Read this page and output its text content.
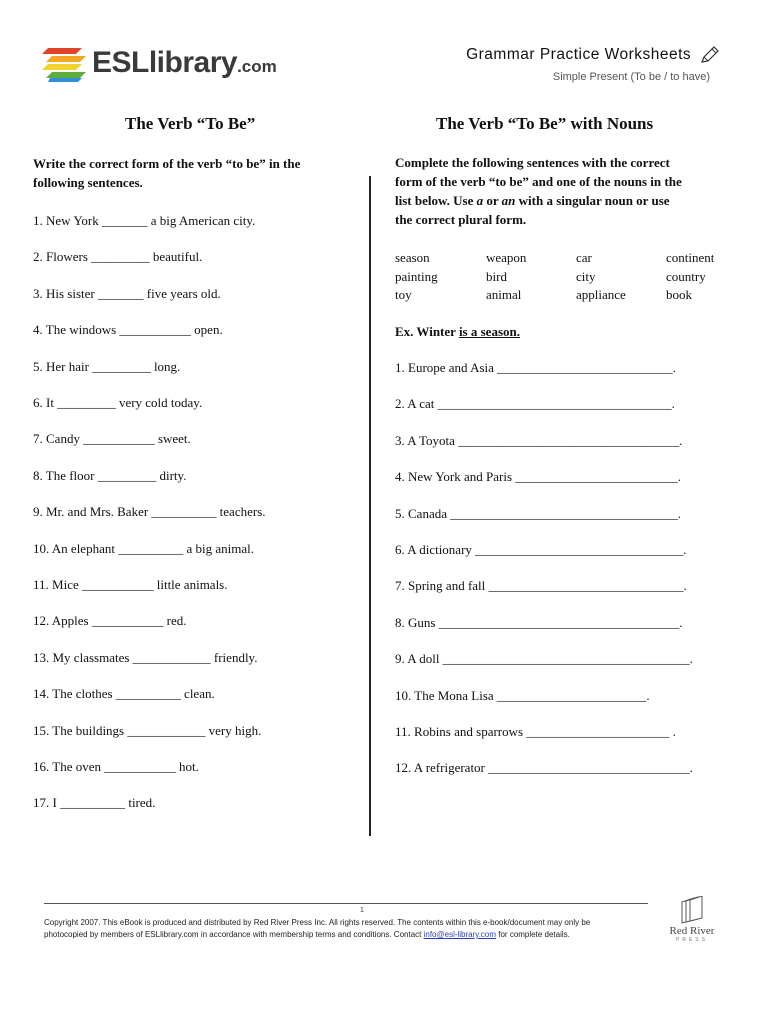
ESLlibrary.com
Grammar Practice Worksheets
Simple Present (To be / to have)
The Verb “To Be”
Write the correct form of the verb “to be” in the following sentences.
1. New York _______ a big American city.
2. Flowers _________ beautiful.
3. His sister _______ five years old.
4. The windows ___________ open.
5. Her hair _________ long.
6. It _________ very cold today.
7. Candy ___________ sweet.
8. The floor _________ dirty.
9. Mr. and Mrs. Baker __________ teachers.
10. An elephant __________ a big animal.
11. Mice ___________ little animals.
12. Apples ___________ red.
13. My classmates ____________ friendly.
14. The clothes __________ clean.
15. The buildings ____________ very high.
16. The oven ___________ hot.
17. I __________ tired.
The Verb “To Be” with Nouns
Complete the following sentences with the correct
form of the verb “to be” and one of the nouns in the
list below. Use a or an with a singular noun or use
the correct plural form.
season	weapon	car	continent
painting	bird	city	country
toy	animal	appliance	book
Ex. Winter is a season.
1. Europe and Asia ___________________________.
2. A cat ____________________________________.
3. A Toyota __________________________________.
4. New York and Paris _________________________.
5. Canada ___________________________________.
6. A dictionary ________________________________.
7. Spring and fall ______________________________.
8. Guns _____________________________________.
9. A doll ______________________________________.
10. The Mona Lisa _______________________.
11. Robins and sparrows ______________________ .
12. A refrigerator _______________________________.
1
Copyright 2007. This eBook is produced and distributed by Red River Press Inc. All rights reserved. The contents within this e-book/document may only be
photocopied by members of ESLlibrary.com in accordance with membership terms and conditions. Contact info@esl-library.com for complete details.	Red River
PRESS
